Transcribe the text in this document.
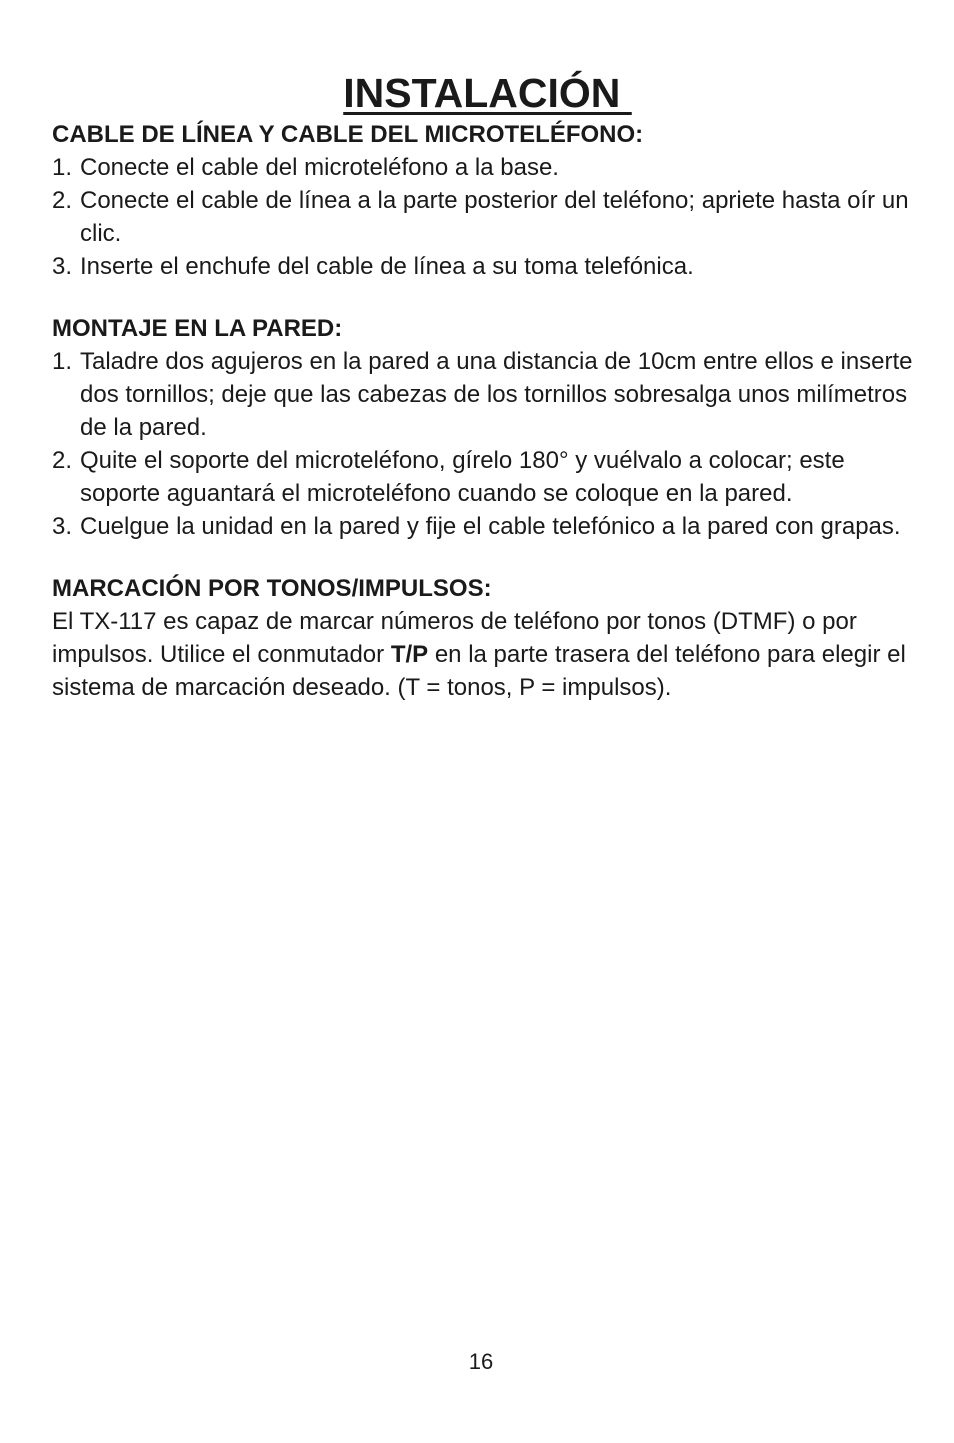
INSTALACIÓN
CABLE DE LÍNEA Y CABLE DEL MICROTELÉFONO:
1. Conecte el cable del microteléfono a la base.
2. Conecte el cable de línea a la parte posterior del teléfono; apriete hasta oír un clic.
3. Inserte el enchufe del cable de línea a su toma telefónica.
MONTAJE EN LA PARED:
1. Taladre dos agujeros en la pared a una distancia de 10cm entre ellos e inserte dos tornillos; deje que las cabezas de los tornillos sobresalga unos milímetros de la pared.
2. Quite el soporte del microteléfono, gírelo 180° y vuélvalo a colocar; este soporte aguantará el microteléfono cuando se coloque en la pared.
3. Cuelgue la unidad en la pared y fije el cable telefónico a la pared con grapas.
MARCACIÓN POR TONOS/IMPULSOS:

El TX-117 es capaz de marcar números de teléfono por tonos (DTMF) o por impulsos. Utilice el conmutador T/P en la parte trasera del teléfono para elegir el sistema de marcación deseado. (T = tonos, P = impulsos).

16
